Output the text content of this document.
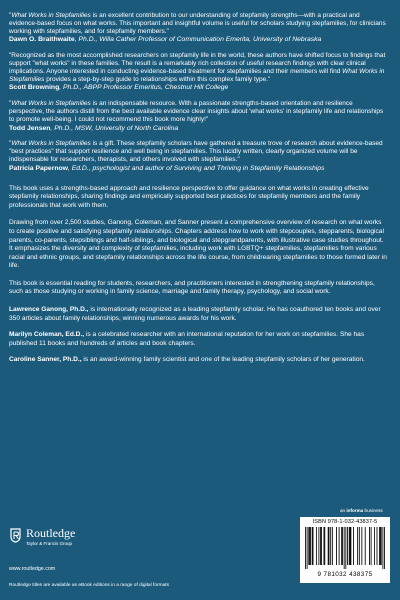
"What Works in Stepfamilies is an excellent contribution to our understanding of stepfamily strengths—with a practical and evidence-based focus on what works. This important and insightful volume is useful for scholars studying stepfamilies, for clinicians working with stepfamilies, and for stepfamily members."
Dawn O. Braithwaite, Ph.D., Willa Cather Professor of Communication Emerita, University of Nebraska
"Recognized as the most accomplished researchers on stepfamily life in the world, these authors have shifted focus to findings that support "what works" in these families. The result is a remarkably rich collection of useful research findings with clear clinical implications. Anyone interested in conducting evidence-based treatment for stepfamilies and their members will find What Works in Stepfamilies provides a step-by-step guide to relationships within this complex family type."
Scott Browning, Ph.D., ABPP Professor Emeritus, Chestnut Hill College
"What Works in Stepfamilies is an indispensable resource. With a passionate strengths-based orientation and resilience perspective, the authors distill from the best available evidence clear insights about 'what works' in stepfamily life and relationships to promote well-being. I could not recommend this book more highly!"
Todd Jensen, Ph.D., MSW, University of North Carolina
"What Works in Stepfamilies is a gift. These stepfamily scholars have gathered a treasure trove of research about evidence-based "best practices" that support resilience and well being in stepfamilies. This lucidly written, clearly organized volume will be indispensable for researchers, therapists, and others involved with stepfamilies."
Patricia Papernow, Ed.D., psychologist and author of Surviving and Thriving in Stepfamily Relationships

This book uses a strengths-based approach and resilience perspective to offer guidance on what works in creating effective stepfamily relationships, sharing findings and empirically supported best practices for stepfamily members and the family professionals that work with them.

Drawing from over 2,500 studies, Ganong, Coleman, and Sanner present a comprehensive overview of research on what works to create positive and satisfying stepfamily relationships. Chapters address how to work with stepcouples, stepparents, biological parents, co-parents, stepsiblings and half-siblings, and biological and stepgrandparents, with illustrative case studies throughout. It emphasizes the diversity and complexity of stepfamilies, including work with LGBTQ+ stepfamilies, stepfamilies from various racial and ethnic groups, and stepfamily relationships across the life course, from childrearing stepfamilies to those formed later in life.

This book is essential reading for students, researchers, and practitioners interested in strengthening stepfamily relationships, such as those studying or working in family science, marriage and family therapy, psychology, and social work.

Lawrence Ganong, Ph.D., is internationally recognized as a leading stepfamily scholar. He has coauthored ten books and over 350 articles about family relationships, winning numerous awards for his work.

Marilyn Coleman, Ed.D., is a celebrated researcher with an international reputation for her work on stepfamilies. She has published 11 books and hundreds of articles and book chapters.

Caroline Sanner, Ph.D., is an award-winning family scientist and one of the leading stepfamily scholars of her generation.

an informa business
Routledge
Taylor & Francis Group
www.routledge.com
Routledge titles are available as eBook editions in a range of digital formats
ISBN 978-1-032-43837-5
9 781032 438375
